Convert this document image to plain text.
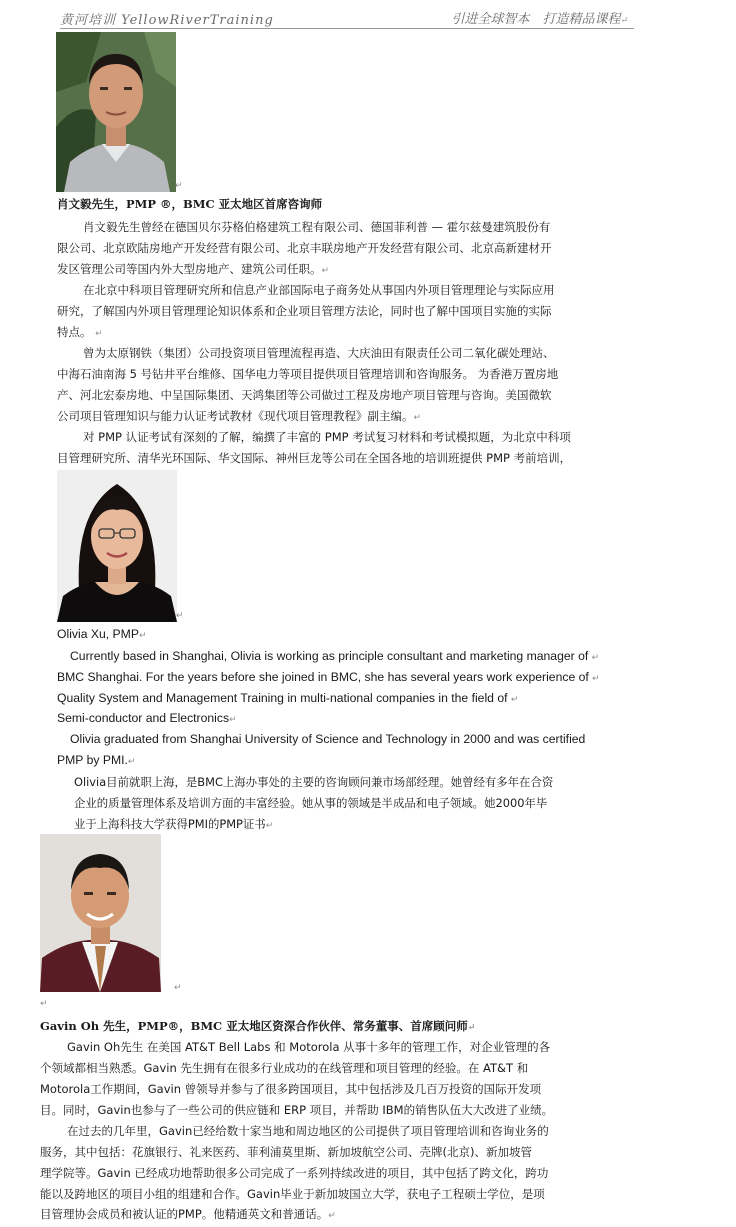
黄河培训 YellowRiverTraining	引进全球智本　打造精品课程↵
↵
肖文毅先生，PMP ®，BMC 亚太地区首席咨询师
肖文毅先生曾经在德国贝尔芬格伯格建筑工程有限公司、德国菲利普 — 霍尔兹曼建筑股份有
限公司、北京欧陆房地产开发经营有限公司、北京丰联房地产开发经营有限公司、北京高新建材开
发区管理公司等国内外大型房地产、建筑公司任职。↵
在北京中科项目管理研究所和信息产业部国际电子商务处从事国内外项目管理理论与实际应用
研究，了解国内外项目管理理论知识体系和企业项目管理方法论，同时也了解中国项目实施的实际
特点。 ↵
曾为太原钢铁（集团）公司投资项目管理流程再造、大庆油田有限责任公司二氧化碳处理站、
中海石油南海 5 号钻井平台维修、国华电力等项目提供项目管理培训和咨询服务。 为香港万置房地
产、河北宏泰房地、中呈国际集团、天鸿集团等公司做过工程及房地产项目管理与咨询。美国微软
公司项目管理知识与能力认证考试教材《现代项目管理教程》副主编。↵
对 PMP 认证考试有深刻的了解，编撰了丰富的 PMP 考试复习材料和考试模拟题，为北京中科项
目管理研究所、清华光环国际、华文国际、神州巨龙等公司在全国各地的培训班提供 PMP 考前培训，
↵
Olivia Xu, PMP↵
Currently based in Shanghai, Olivia is working as principle consultant and marketing manager of ↵
BMC Shanghai. For the years before she joined in BMC, she has several years work experience of ↵
Quality System and Management Training in multi-national companies in the field of ↵
Semi-conductor and Electronics↵
Olivia graduated from Shanghai University of Science and Technology in 2000 and was certified
PMP by PMI.↵
Olivia目前就职上海，是BMC上海办事处的主要的咨询顾问兼市场部经理。她曾经有多年在合资
企业的质量管理体系及培训方面的丰富经验。她从事的领域是半成品和电子领域。她2000年毕
业于上海科技大学获得PMI的PMP证书↵
↵
↵
Gavin Oh 先生，PMP®，BMC 亚太地区资深合作伙伴、常务董事、首席顾问师↵
Gavin Oh先生 在美国 AT&T Bell Labs 和 Motorola 从事十多年的管理工作，对企业管理的各
个领域都相当熟悉。Gavin 先生拥有在很多行业成功的在线管理和项目管理的经验。在 AT&T 和
Motorola工作期间，Gavin 曾领导并参与了很多跨国项目，其中包括涉及几百万投资的国际开发项
目。同时，Gavin也参与了一些公司的供应链和 ERP 项目，并帮助 IBM的销售队伍大大改进了业绩。
在过去的几年里，Gavin已经给数十家当地和周边地区的公司提供了项目管理培训和咨询业务的
服务，其中包括：花旗银行、礼来医药、菲利浦莫里斯、新加坡航空公司、壳牌(北京)、新加坡管
理学院等。Gavin 已经成功地帮助很多公司完成了一系列持续改进的项目，其中包括了跨文化，跨功
能以及跨地区的项目小组的组建和合作。Gavin毕业于新加坡国立大学，获电子工程硕士学位，是项
目管理协会成员和被认证的PMP。他精通英文和普通话。↵
